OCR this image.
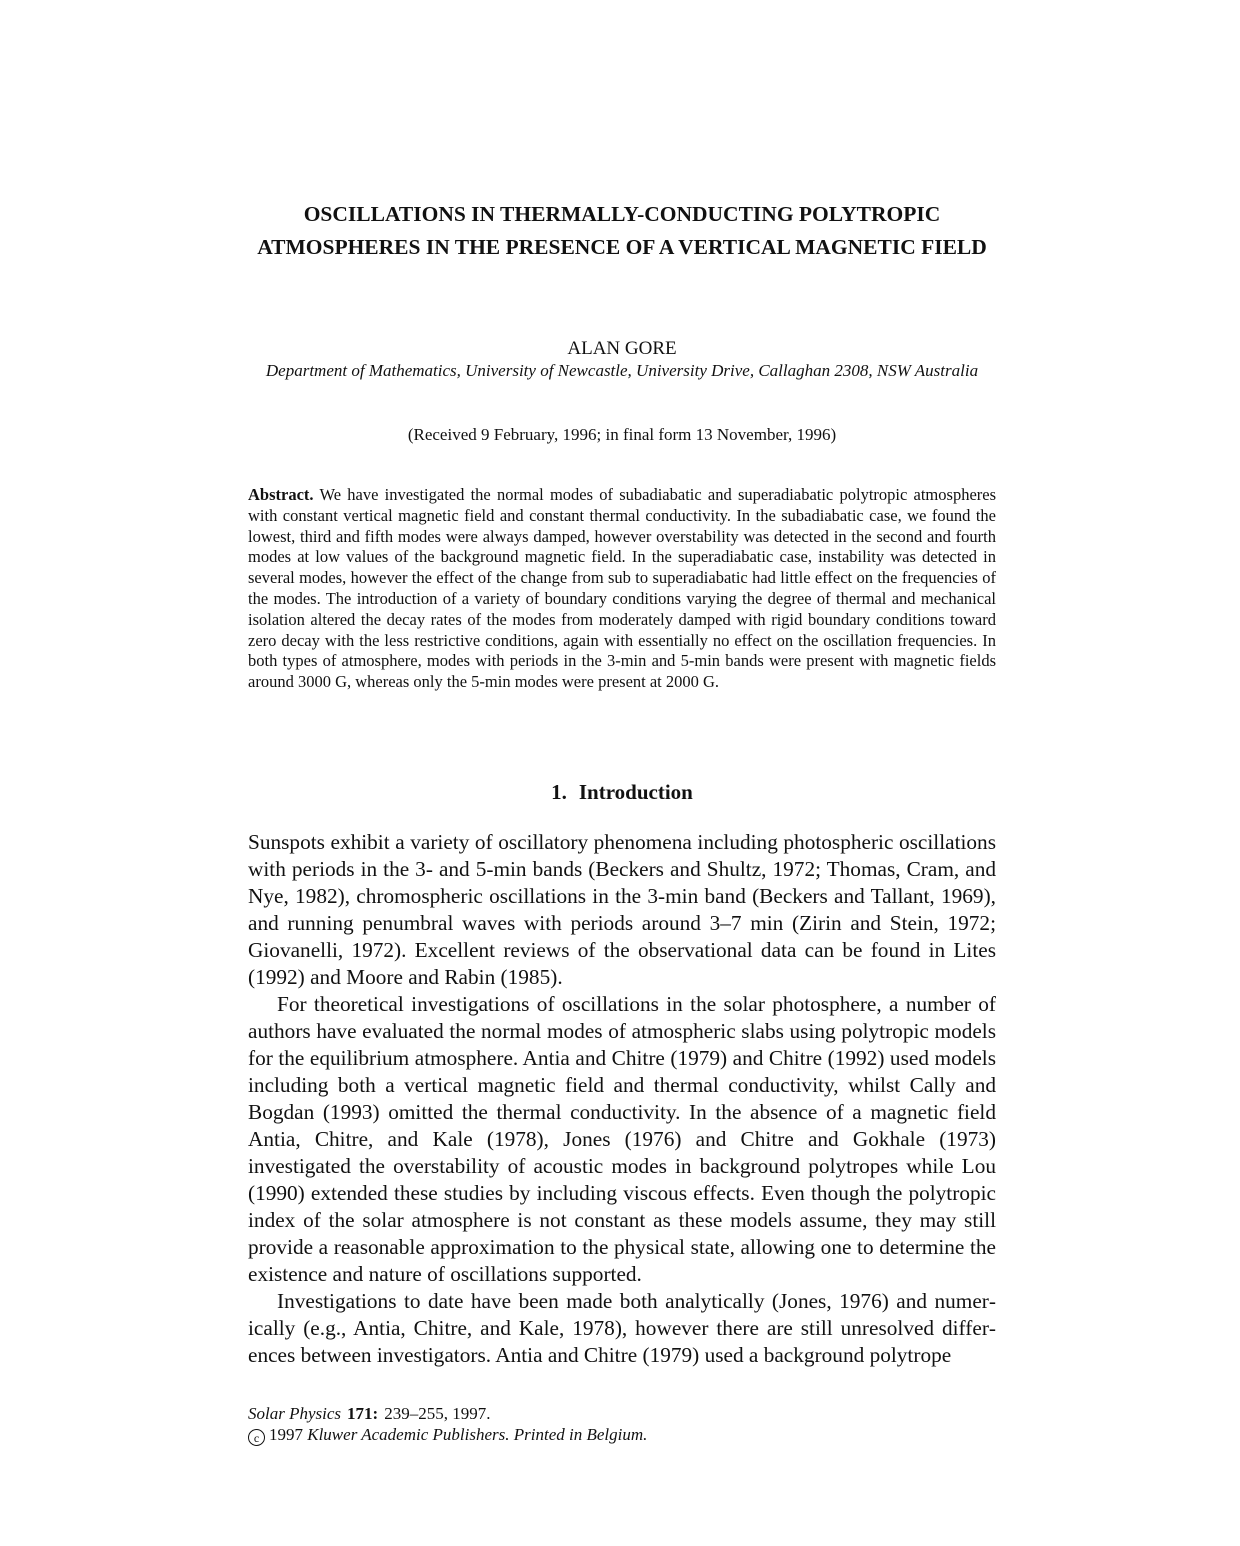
OSCILLATIONS IN THERMALLY-CONDUCTING POLYTROPIC ATMOSPHERES IN THE PRESENCE OF A VERTICAL MAGNETIC FIELD
ALAN GORE
Department of Mathematics, University of Newcastle, University Drive, Callaghan 2308, NSW Australia
(Received 9 February, 1996; in final form 13 November, 1996)

Abstract. We have investigated the normal modes of subadiabatic and superadiabatic polytropic atmospheres with constant vertical magnetic field and constant thermal conductivity. In the subadiabatic case, we found the lowest, third and fifth modes were always damped, however overstability was detected in the second and fourth modes at low values of the background magnetic field. In the superadiabatic case, instability was detected in several modes, however the effect of the change from sub to superadiabatic had little effect on the frequencies of the modes. The introduction of a variety of boundary conditions varying the degree of thermal and mechanical isolation altered the decay rates of the modes from moderately damped with rigid boundary conditions toward zero decay with the less restrictive conditions, again with essentially no effect on the oscillation frequencies. In both types of atmosphere, modes with periods in the 3-min and 5-min bands were present with magnetic fields around 3000 G, whereas only the 5-min modes were present at 2000 G.

1. Introduction

Sunspots exhibit a variety of oscillatory phenomena including photospheric oscillations with periods in the 3- and 5-min bands (Beckers and Shultz, 1972; Thomas, Cram, and Nye, 1982), chromospheric oscillations in the 3-min band (Beckers and Tallant, 1969), and running penumbral waves with periods around 3–7 min (Zirin and Stein, 1972; Giovanelli, 1972). Excellent reviews of the observational data can be found in Lites (1992) and Moore and Rabin (1985).

For theoretical investigations of oscillations in the solar photosphere, a number of authors have evaluated the normal modes of atmospheric slabs using polytropic models for the equilibrium atmosphere. Antia and Chitre (1979) and Chitre (1992) used models including both a vertical magnetic field and thermal conductivity, whilst Cally and Bogdan (1993) omitted the thermal conductivity. In the absence of a magnetic field Antia, Chitre, and Kale (1978), Jones (1976) and Chitre and Gokhale (1973) investigated the overstability of acoustic modes in background polytropes while Lou (1990) extended these studies by including viscous effects. Even though the polytropic index of the solar atmosphere is not constant as these models assume, they may still provide a reasonable approximation to the physical state, allowing one to determine the existence and nature of oscillations supported.

Investigations to date have been made both analytically (Jones, 1976) and numerically (e.g., Antia, Chitre, and Kale, 1978), however there are still unresolved differences between investigators. Antia and Chitre (1979) used a background polytrope

Solar Physics 171: 239–255, 1997.
c 1997 Kluwer Academic Publishers. Printed in Belgium.
